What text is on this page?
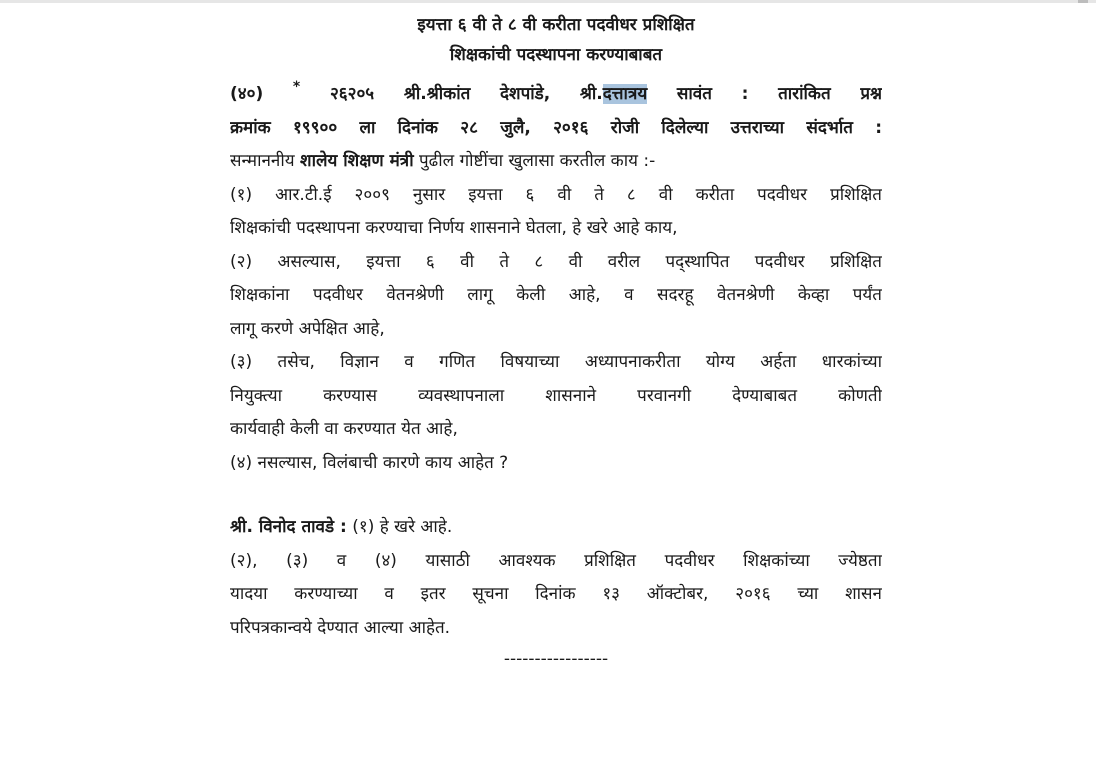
इयत्ता ६ वी ते ८ वी करीता पदवीधर प्रशिक्षित
शिक्षकांची पदस्थापना करण्याबाबत
(४०) * २६२०५ श्री.श्रीकांत देशपांडे, श्री.दत्तात्रय सावंत : तारांकित प्रश्न
क्रमांक १९९०० ला दिनांक २८ जुलै, २०१६ रोजी दिलेल्या उत्तराच्या संदर्भात :
सन्माननीय शालेय शिक्षण मंत्री पुढील गोष्टींचा खुलासा करतील काय :-
(१) आर.टी.ई २००९ नुसार इयत्ता ६ वी ते ८ वी करीता पदवीधर प्रशिक्षित
शिक्षकांची पदस्थापना करण्याचा निर्णय शासनाने घेतला, हे खरे आहे काय,
(२) असल्यास, इयत्ता ६ वी ते ८ वी वरील पद्स्थापित पदवीधर प्रशिक्षित
शिक्षकांना पदवीधर वेतनश्रेणी लागू केली आहे, व सदरहू वेतनश्रेणी केव्हा पर्यंत
लागू करणे अपेक्षित आहे,
(३) तसेच, विज्ञान व गणित विषयाच्या अध्यापनाकरीता योग्य अर्हता धारकांच्या
नियुक्त्या करण्यास व्यवस्थापनाला शासनाने परवानगी देण्याबाबत कोणती
कार्यवाही केली वा करण्यात येत आहे,
(४) नसल्यास, विलंबाची कारणे काय आहेत ?
श्री. विनोद तावडे : (१) हे खरे आहे.
(२), (३) व (४) यासाठी आवश्यक प्रशिक्षित पदवीधर शिक्षकांच्या ज्येष्ठता
यादया करण्याच्या व इतर सूचना दिनांक १३ ऑक्टोबर, २०१६ च्या शासन
परिपत्रकान्वये देण्यात आल्या आहेत.
-----------------
